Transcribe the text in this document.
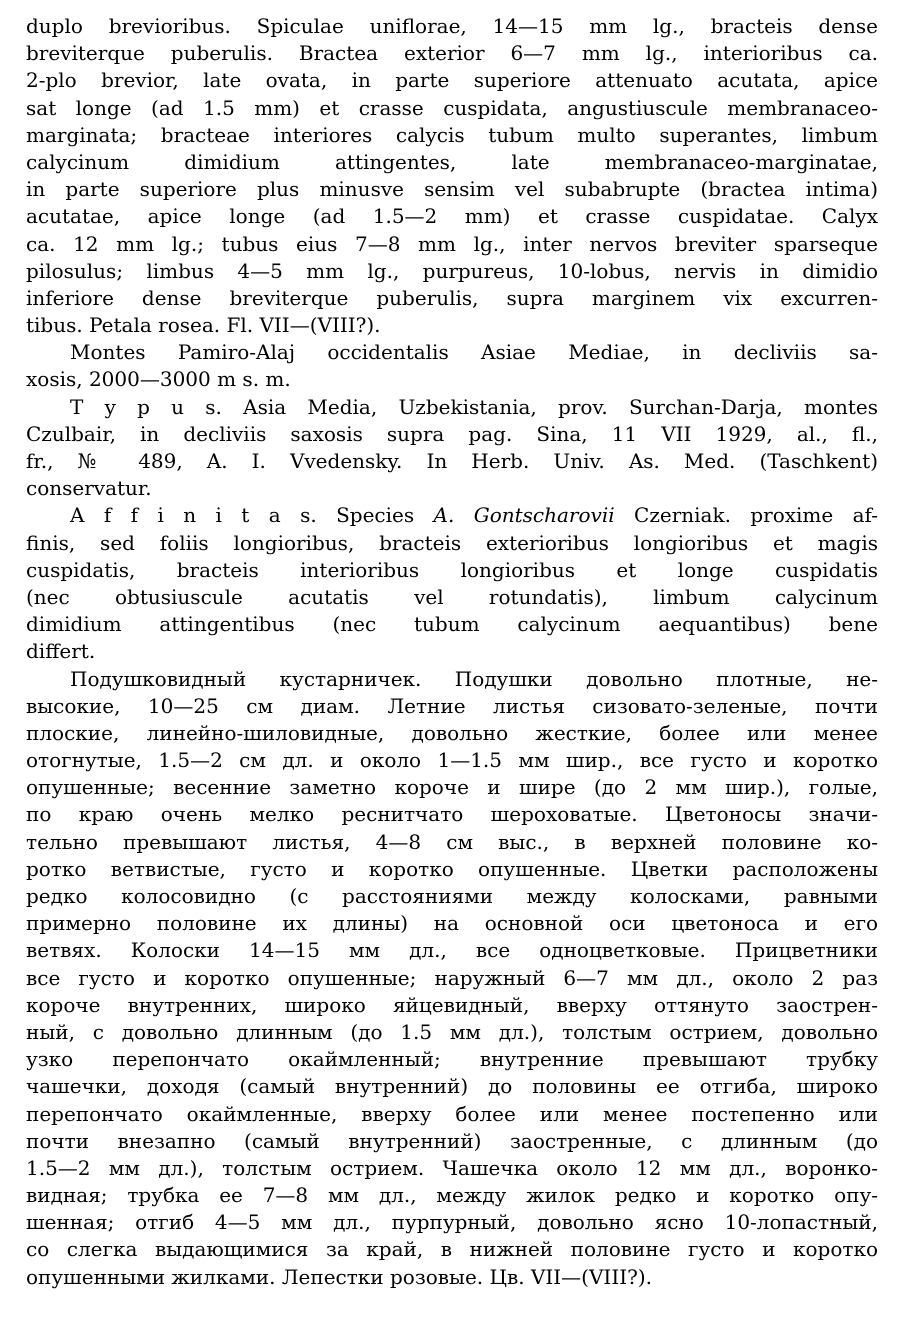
duplo brevioribus. Spiculae uniflorae, 14—15 mm lg., bracteis dense
breviterque puberulis. Bractea exterior 6—7 mm lg., interioribus ca.
2-plo brevior, late ovata, in parte superiore attenuato acutata, apice
sat longe (ad 1.5 mm) et crasse cuspidata, angustiuscule membranaceo-
marginata; bracteae interiores calycis tubum multo superantes, limbum
calycinum dimidium attingentes, late membranaceo-marginatae,
in parte superiore plus minusve sensim vel subabrupte (bractea intima)
acutatae, apice longe (ad 1.5—2 mm) et crasse cuspidatae. Calyx
ca. 12 mm lg.; tubus eius 7—8 mm lg., inter nervos breviter sparseque
pilosulus; limbus 4—5 mm lg., purpureus, 10-lobus, nervis in dimidio
inferiore dense breviterque puberulis, supra marginem vix excurren-
tibus. Petala rosea. Fl. VII—(VIII?).
Montes Pamiro-Alaj occidentalis Asiae Mediae, in decliviis sa-
xosis, 2000—3000 m s. m.
T y p u s. Asia Media, Uzbekistania, prov. Surchan-Darja, montes
Czulbair, in decliviis saxosis supra pag. Sina, 11 VII 1929, al., fl.,
fr., № 489, A. I. Vvedensky. In Herb. Univ. As. Med. (Taschkent)
conservatur.
A f f i n i t a s. Species A. Gontscharovii Czerniak. proxime af-
finis, sed foliis longioribus, bracteis exterioribus longioribus et magis
cuspidatis, bracteis interioribus longioribus et longe cuspidatis
(nec obtusiuscule acutatis vel rotundatis), limbum calycinum
dimidium attingentibus (nec tubum calycinum aequantibus) bene
differt.
Подушковидный кустарничек. Подушки довольно плотные, не-
высокие, 10—25 см диам. Летние листья сизовато-зеленые, почти
плоские, линейно-шиловидные, довольно жесткие, более или менее
отогнутые, 1.5—2 см дл. и около 1—1.5 мм шир., все густо и коротко
опушенные; весенние заметно короче и шире (до 2 мм шир.), голые,
по краю очень мелко реснитчато шероховатые. Цветоносы значи-
тельно превышают листья, 4—8 см выс., в верхней половине ко-
ротко ветвистые, густо и коротко опушенные. Цветки расположены
редко колосовидно (с расстояниями между колосками, равными
примерно половине их длины) на основной оси цветоноса и его
ветвях. Колоски 14—15 мм дл., все одноцветковые. Прицветники
все густо и коротко опушенные; наружный 6—7 мм дл., около 2 раз
короче внутренних, широко яйцевидный, вверху оттянуто заострен-
ный, с довольно длинным (до 1.5 мм дл.), толстым острием, довольно
узко перепончато окаймленный; внутренние превышают трубку
чашечки, доходя (самый внутренний) до половины ее отгиба, широко
перепончато окаймленные, вверху более или менее постепенно или
почти внезапно (самый внутренний) заостренные, с длинным (до
1.5—2 мм дл.), толстым острием. Чашечка около 12 мм дл., воронко-
видная; трубка ее 7—8 мм дл., между жилок редко и коротко опу-
шенная; отгиб 4—5 мм дл., пурпурный, довольно ясно 10-лопастный,
со слегка выдающимися за край, в нижней половине густо и коротко
опушенными жилками. Лепестки розовые. Цв. VII—(VIII?).
